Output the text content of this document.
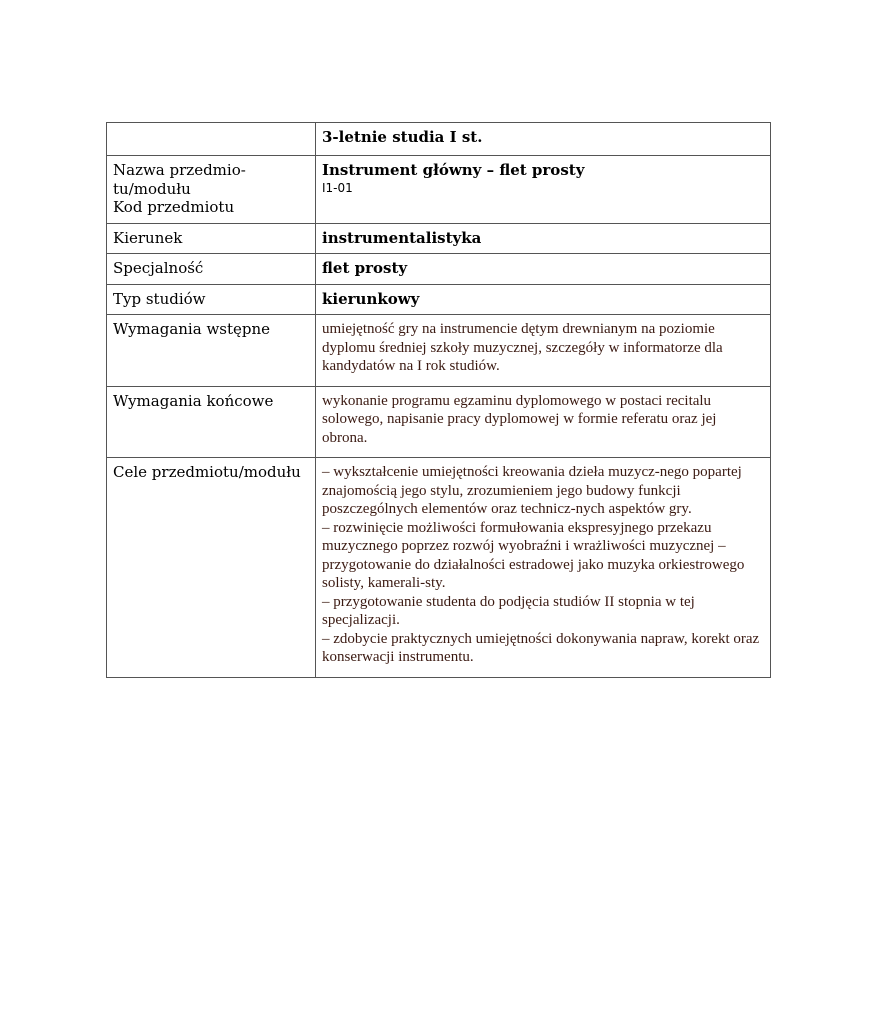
	3-letnie studia I st.

Nazwa przedmio-
tu/modułu
Kod przedmiotu	Instrument główny – flet prosty
I1-01

Kierunek	instrumentalistyka
Specjalność	flet prosty
Typ studiów	kierunkowy
Wymagania wstępne	umiejętność gry na instrumencie dętym drewnianym na poziomie dyplomu średniej szkoły muzycznej, szczegóły w informatorze dla kandydatów na I rok studiów.
Wymagania końcowe	wykonanie programu egzaminu dyplomowego w postaci recitalu solowego, napisanie pracy dyplomowej w formie referatu oraz jej obrona.
Cele przedmiotu/modułu	– wykształcenie umiejętności kreowania dzieła muzycz-nego popartej znajomością jego stylu, zrozumieniem jego budowy funkcji poszczególnych elementów oraz technicz-nych aspektów gry.
– rozwinięcie możliwości formułowania ekspresyjnego przekazu muzycznego poprzez rozwój wyobraźni i wrażliwości muzycznej – przygotowanie do działalności estradowej jako muzyka orkiestrowego solisty, kamerali-sty.
– przygotowanie studenta do podjęcia studiów II stopnia w tej specjalizacji.
– zdobycie praktycznych umiejętności dokonywania napraw, korekt oraz konserwacji instrumentu.
